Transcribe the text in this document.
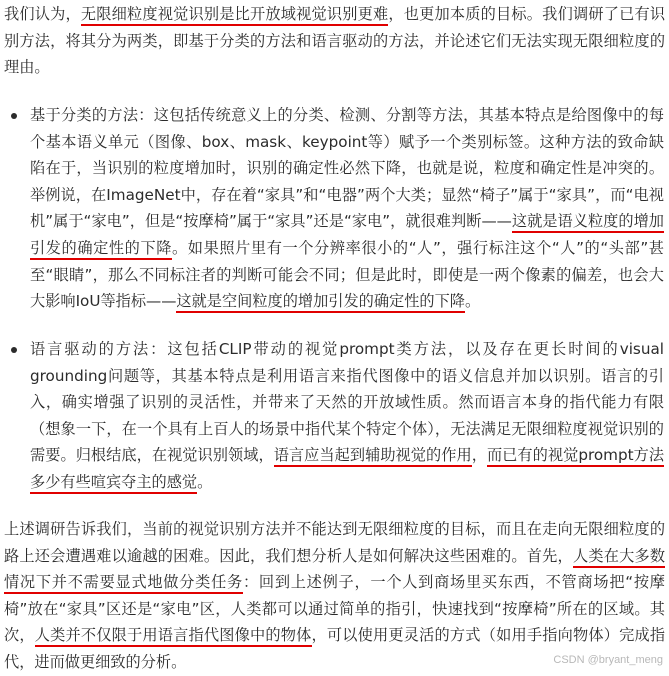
我们认为，无限细粒度视觉识别是比开放域视觉识别更难，也更加本质的目标。我们调研了已有识别方法，将其分为两类，即基于分类的方法和语言驱动的方法，并论述它们无法实现无限细粒度的理由。

基于分类的方法：这包括传统意义上的分类、检测、分割等方法，其基本特点是给图像中的每个基本语义单元（图像、box、mask、keypoint等）赋予一个类别标签。这种方法的致命缺陷在于，当识别的粒度增加时，识别的确定性必然下降，也就是说，粒度和确定性是冲突的。举例说，在ImageNet中，存在着“家具”和“电器”两个大类；显然“椅子”属于“家具”，而“电视机”属于“家电”，但是“按摩椅”属于“家具”还是“家电”，就很难判断——这就是语义粒度的增加引发的确定性的下降。如果照片里有一个分辨率很小的“人”，强行标注这个“人”的“头部”甚至“眼睛”，那么不同标注者的判断可能会不同；但是此时，即使是一两个像素的偏差，也会大大影响IoU等指标——这就是空间粒度的增加引发的确定性的下降。
语言驱动的方法：这包括CLIP带动的视觉prompt类方法，以及存在更长时间的visual grounding问题等，其基本特点是利用语言来指代图像中的语义信息并加以识别。语言的引入，确实增强了识别的灵活性，并带来了天然的开放域性质。然而语言本身的指代能力有限（想象一下，在一个具有上百人的场景中指代某个特定个体），无法满足无限细粒度视觉识别的需要。归根结底，在视觉识别领域，语言应当起到辅助视觉的作用，而已有的视觉prompt方法多少有些喧宾夺主的感觉。

上述调研告诉我们，当前的视觉识别方法并不能达到无限细粒度的目标，而且在走向无限细粒度的路上还会遭遇难以逾越的困难。因此，我们想分析人是如何解决这些困难的。首先，人类在大多数情况下并不需要显式地做分类任务：回到上述例子，一个人到商场里买东西，不管商场把“按摩椅”放在“家具”区还是“家电”区，人类都可以通过简单的指引，快速找到“按摩椅”所在的区域。其次，人类并不仅限于用语言指代图像中的物体，可以使用更灵活的方式（如用手指向物体）完成指代，进而做更细致的分析。	CSDN @bryant_meng
